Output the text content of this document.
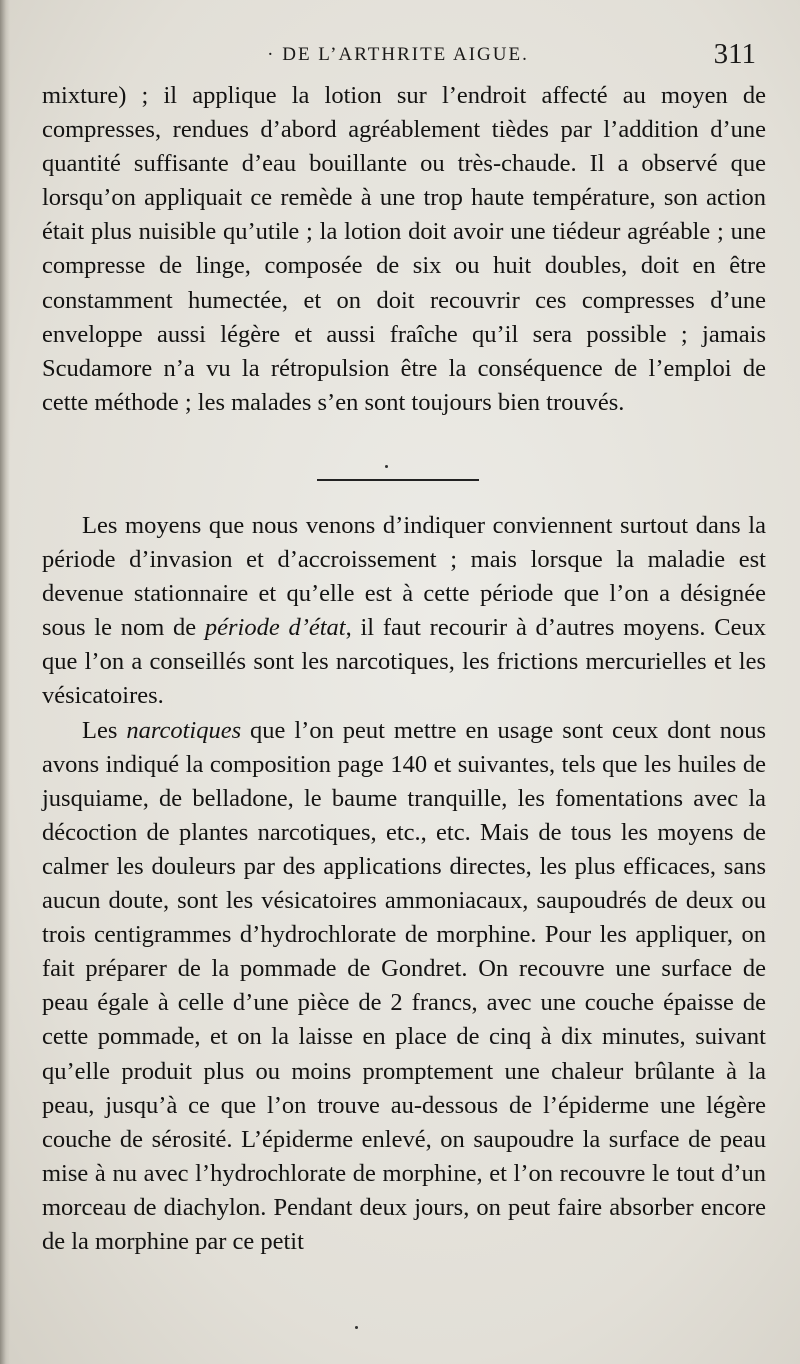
· DE L’ARTHRITE AIGUE.	311

mixture) ; il applique la lotion sur l’endroit affecté au moyen de compresses, rendues d’abord agréablement tièdes par l’addition d’une quantité suffisante d’eau bouillante ou très-chaude. Il a observé que lorsqu’on appliquait ce remède à une trop haute température, son action était plus nuisible qu’utile ; la lotion doit avoir une tiédeur agréable ; une compresse de linge, composée de six ou huit doubles, doit en être constamment humectée, et on doit recouvrir ces compresses d’une enveloppe aussi légère et aussi fraîche qu’il sera possible ; jamais Scudamore n’a vu la rétropulsion être la conséquence de l’emploi de cette méthode ; les malades s’en sont toujours bien trouvés.

Les moyens que nous venons d’indiquer conviennent surtout dans la période d’invasion et d’accroissement ; mais lorsque la maladie est devenue stationnaire et qu’elle est à cette période que l’on a désignée sous le nom de période d’état, il faut recourir à d’autres moyens. Ceux que l’on a conseillés sont les narcotiques, les frictions mercurielles et les vésicatoires.

Les narcotiques que l’on peut mettre en usage sont ceux dont nous avons indiqué la composition page 140 et suivantes, tels que les huiles de jusquiame, de belladone, le baume tranquille, les fomentations avec la décoction de plantes narcotiques, etc., etc. Mais de tous les moyens de calmer les douleurs par des applications directes, les plus efficaces, sans aucun doute, sont les vésicatoires ammoniacaux, saupoudrés de deux ou trois centigrammes d’hydrochlorate de morphine. Pour les appliquer, on fait préparer de la pommade de Gondret. On recouvre une surface de peau égale à celle d’une pièce de 2 francs, avec une couche épaisse de cette pommade, et on la laisse en place de cinq à dix minutes, suivant qu’elle produit plus ou moins promptement une chaleur brûlante à la peau, jusqu’à ce que l’on trouve au-dessous de l’épiderme une légère couche de sérosité. L’épiderme enlevé, on saupoudre la surface de peau mise à nu avec l’hydrochlorate de morphine, et l’on recouvre le tout d’un morceau de diachylon. Pendant deux jours, on peut faire absorber encore de la morphine par ce petit
